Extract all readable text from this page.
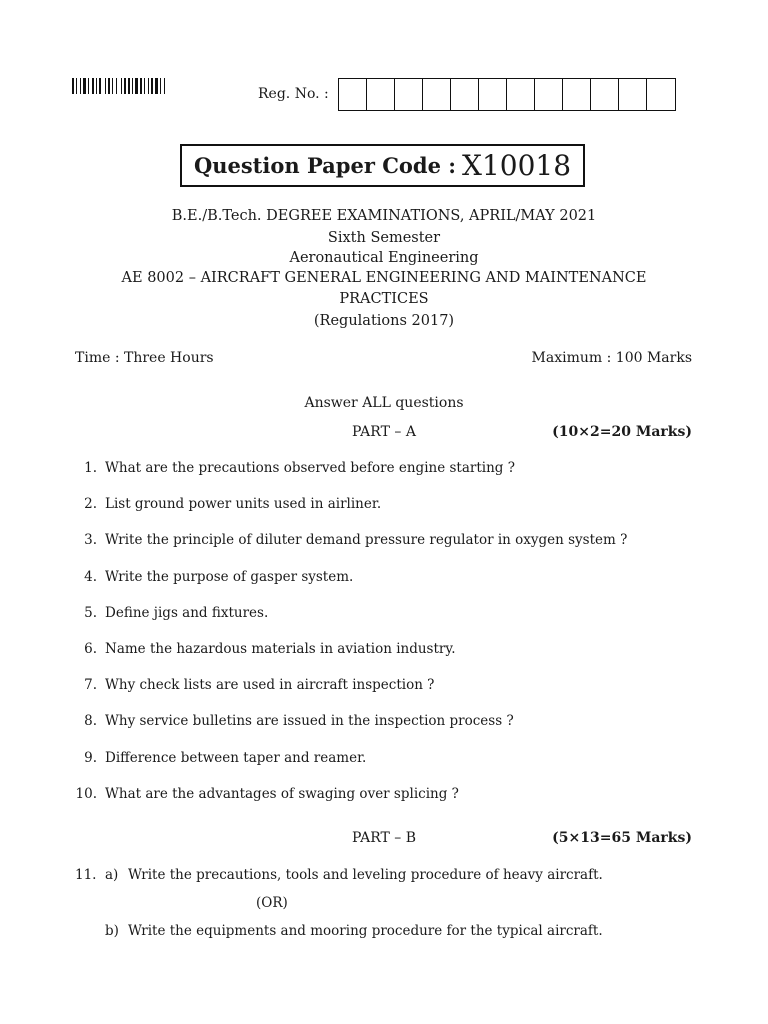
Reg. No. :
Question Paper Code : X10018
B.E./B.Tech. DEGREE EXAMINATIONS, APRIL/MAY 2021
Sixth Semester
Aeronautical Engineering
AE 8002 – AIRCRAFT GENERAL ENGINEERING AND MAINTENANCE
PRACTICES
(Regulations 2017)
Time : Three Hours	Maximum : 100 Marks
Answer ALL questions
PART – A	(10×2=20 Marks)
1. What are the precautions observed before engine starting ?
2. List ground power units used in airliner.
3. Write the principle of diluter demand pressure regulator in oxygen system ?
4. Write the purpose of gasper system.
5. Define jigs and fixtures.
6. Name the hazardous materials in aviation industry.
7. Why check lists are used in aircraft inspection ?
8. Why service bulletins are issued in the inspection process ?
9. Difference between taper and reamer.
10. What are the advantages of swaging over splicing ?
PART – B	(5×13=65 Marks)
11. a) Write the precautions, tools and leveling procedure of heavy aircraft.
(OR)
b) Write the equipments and mooring procedure for the typical aircraft.
